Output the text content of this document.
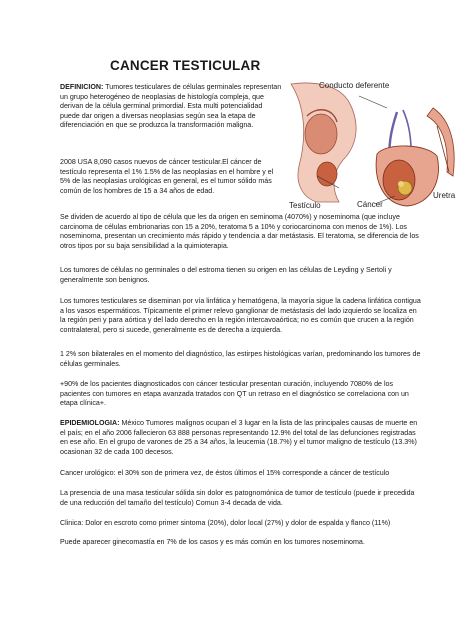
CANCER TESTICULAR

DEFINICION: Tumores testiculares de células germinales representan un grupo heterogéneo de neoplasias de histología compleja, que derivan de la célula germinal primordial. Esta multi potencialidad puede dar origen a diversas neoplasias según sea la etapa de diferenciación en que se produzca la transformación maligna.

2008 USA 8,090 casos nuevos de cáncer testicular.El cáncer de testículo representa el 1% 1.5% de las neoplasias en el hombre y el 5% de las neoplasias urológicas en general, es el tumor sólido más común de los hombres de 15 a 34 años de edad.

Conducto deferente
Testículo	Cáncer
Uretra

Se dividen de acuerdo al tipo de célula que les da origen en seminoma (4070%) y noseminoma (que incluye carcinoma de células embrionarias con 15 a 20%, teratoma 5 a 10% y coriocarcinoma con menos de 1%). Los noseminoma, presentan un crecimiento más rápido y tendencia a dar metástasis. El teratoma, se diferencia de los otros tipos por su baja sensibilidad a la quimioterapia.

Los tumores de células no germinales o del estroma tienen su origen en las células de Leyding y Sertoli y generalmente son benignos.

Los tumores testiculares se diseminan por vía linfática y hematógena, la mayoría sigue la cadena linfática contigua a los vasos espermáticos. Típicamente el primer relevo ganglionar de metástasis del lado izquierdo se localiza en la región peri y para aórtica y del lado derecho en la región intercavoaórtica; no es común que crucen a la región contralateral, pero si sucede, generalmente es de derecha a izquierda.

1 2% son bilaterales en el momento del diagnóstico, las estirpes histológicas varían, predominando los tumores de células germinales.

+90% de los pacientes diagnosticados con cáncer testicular presentan curación, incluyendo 7080% de los pacientes con tumores en etapa avanzada tratados con QT un retraso en el diagnóstico se correlaciona con un etapa clínica+.

EPIDEMIOLOGIA: México Tumores malignos ocupan el 3 lugar en la lista de las principales causas de muerte en el país; en el año 2006 fallecieron 63 888 personas representando 12.9% del total de las defunciones registradas en ese año. En el grupo de varones de 25 a 34 años, la leucemia (18.7%) y el tumor maligno de testículo (13.3%) ocasionan 32 de cada 100 decesos.

Cancer urológico: el 30% son de primera vez, de éstos últimos el 15% corresponde a cáncer de testículo

La presencia de una masa testicular sólida sin dolor es patognomónica de tumor de testículo (puede ir precedida de una reducción del tamaño del testículo) Comun 3-4 decada de vida.

Clinica: Dolor en escroto como primer sintoma (20%), dolor local (27%) y dolor de espalda y flanco (11%)

Puede aparecer ginecomastía en 7% de los casos y es más común en los tumores noseminoma.
